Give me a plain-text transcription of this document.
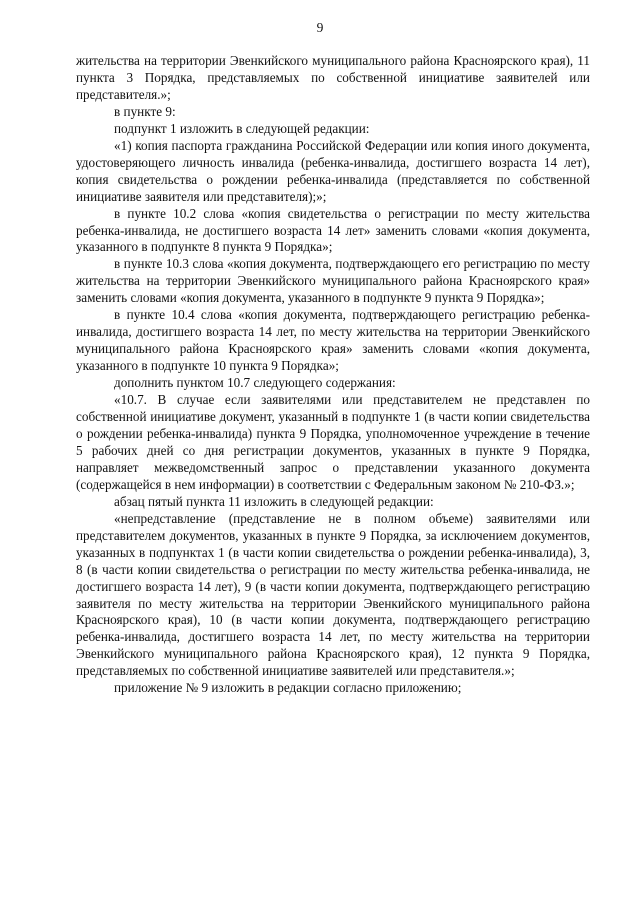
9

жительства на территории Эвенкийского муниципального района Красноярского края), 11 пункта 3 Порядка, представляемых по собственной инициативе заявителей или представителя.»;

в пункте 9:

подпункт 1 изложить в следующей редакции:

«1) копия паспорта гражданина Российской Федерации или копия иного документа, удостоверяющего личность инвалида (ребенка-инвалида, достигшего возраста 14 лет), копия свидетельства о рождении ребенка-инвалида (представляется по собственной инициативе заявителя или представителя);»;

в пункте 10.2 слова «копия свидетельства о регистрации по месту жительства ребенка-инвалида, не достигшего возраста 14 лет» заменить словами «копия документа, указанного в подпункте 8 пункта 9 Порядка»;

в пункте 10.3 слова «копия документа, подтверждающего его регистрацию по месту жительства на территории Эвенкийского муниципального района Красноярского края» заменить словами «копия документа, указанного в подпункте 9 пункта 9 Порядка»;

в пункте 10.4 слова «копия документа, подтверждающего регистрацию ребенка-инвалида, достигшего возраста 14 лет, по месту жительства на территории Эвенкийского муниципального района Красноярского края» заменить словами «копия документа, указанного в подпункте 10 пункта 9 Порядка»;

дополнить пунктом 10.7 следующего содержания:

«10.7. В случае если заявителями или представителем не представлен по собственной инициативе документ, указанный в подпункте 1 (в части копии свидетельства о рождении ребенка-инвалида) пункта 9 Порядка, уполномоченное учреждение в течение 5 рабочих дней со дня регистрации документов, указанных в пункте 9 Порядка, направляет межведомственный запрос о представлении указанного документа (содержащейся в нем информации) в соответствии с Федеральным законом № 210-ФЗ.»;

абзац пятый пункта 11 изложить в следующей редакции:

«непредставление (представление не в полном объеме) заявителями или представителем документов, указанных в пункте 9 Порядка, за исключением документов, указанных в подпунктах 1 (в части копии свидетельства о рождении ребенка-инвалида), 3, 8 (в части копии свидетельства о регистрации по месту жительства ребенка-инвалида, не достигшего возраста 14 лет), 9 (в части копии документа, подтверждающего регистрацию заявителя по месту жительства на территории Эвенкийского муниципального района Красноярского края), 10 (в части копии документа, подтверждающего регистрацию ребенка-инвалида, достигшего возраста 14 лет, по месту жительства на территории Эвенкийского муниципального района Красноярского края), 12 пункта 9 Порядка, представляемых по собственной инициативе заявителей или представителя.»;

приложение № 9 изложить в редакции согласно приложению;
